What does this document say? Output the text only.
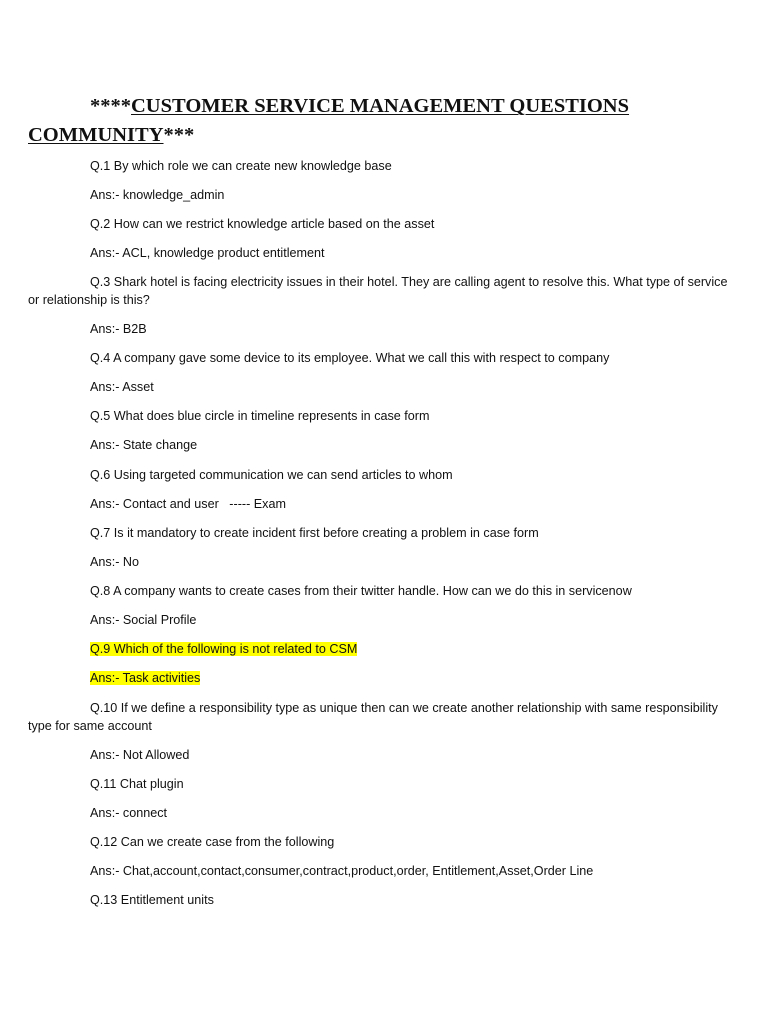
****CUSTOMER SERVICE MANAGEMENT QUESTIONS
COMMUNITY***

Q.1 By which role we can create new knowledge base

Ans:- knowledge_admin

Q.2 How can we restrict knowledge article based on the asset

Ans:- ACL, knowledge product entitlement

Q.3 Shark hotel is facing electricity issues in their hotel. They are calling agent to resolve this. What type of service or relationship is this?

Ans:- B2B

Q.4 A company gave some device to its employee. What we call this with respect to company

Ans:- Asset

Q.5 What does blue circle in timeline represents in case form

Ans:- State change

Q.6 Using targeted communication we can send articles to whom

Ans:- Contact and user   ----- Exam

Q.7 Is it mandatory to create incident first before creating a problem in case form

Ans:- No

Q.8 A company wants to create cases from their twitter handle. How can we do this in servicenow

Ans:- Social Profile

Q.9 Which of the following is not related to CSM

Ans:- Task activities

Q.10 If we define a responsibility type as unique then can we create another relationship with same responsibility type for same account

Ans:- Not Allowed

Q.11 Chat plugin

Ans:- connect

Q.12 Can we create case from the following

Ans:- Chat,account,contact,consumer,contract,product,order, Entitlement,Asset,Order Line

Q.13 Entitlement units
